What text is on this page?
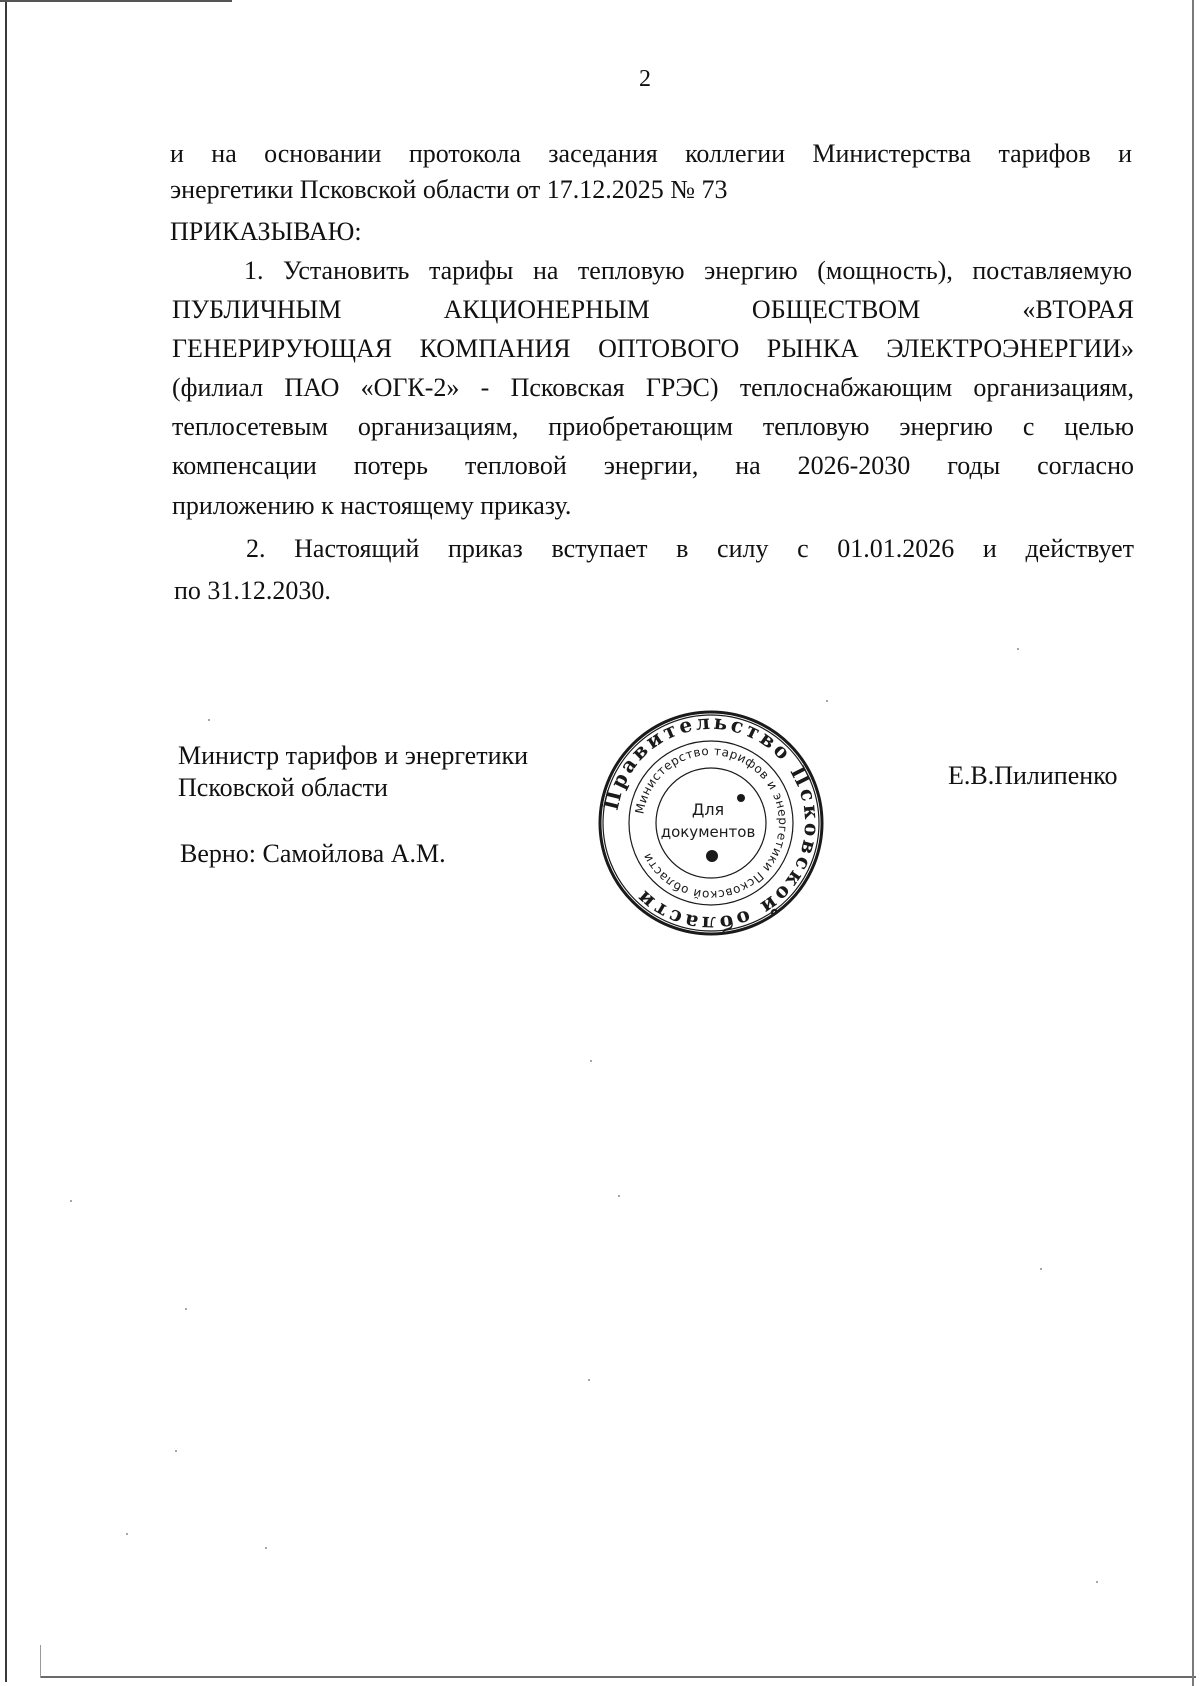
2
и на основании протокола заседания коллегии Министерства тарифов и
энергетики Псковской области от 17.12.2025 № 73
ПРИКАЗЫВАЮ:
1. Установить тарифы на тепловую энергию (мощность), поставляемую
ПУБЛИЧНЫМ АКЦИОНЕРНЫМ ОБЩЕСТВОМ «ВТОРАЯ
ГЕНЕРИРУЮЩАЯ КОМПАНИЯ ОПТОВОГО РЫНКА ЭЛЕКТРОЭНЕРГИИ»
(филиал ПАО «ОГК-2» - Псковская ГРЭС) теплоснабжающим организациям,
теплосетевым организациям, приобретающим тепловую энергию с целью
компенсации потерь тепловой энергии, на 2026-2030 годы согласно
приложению к настоящему приказу.
2. Настоящий приказ вступает в силу с 01.01.2026 и действует
по 31.12.2030.
Министр тарифов и энергетики
Псковской области	Е.В.Пилипенко
Верно: Самойлова А.М.
Правительство Псковской области
Министерство тарифов и энергетики Псковской области
Для
документов
